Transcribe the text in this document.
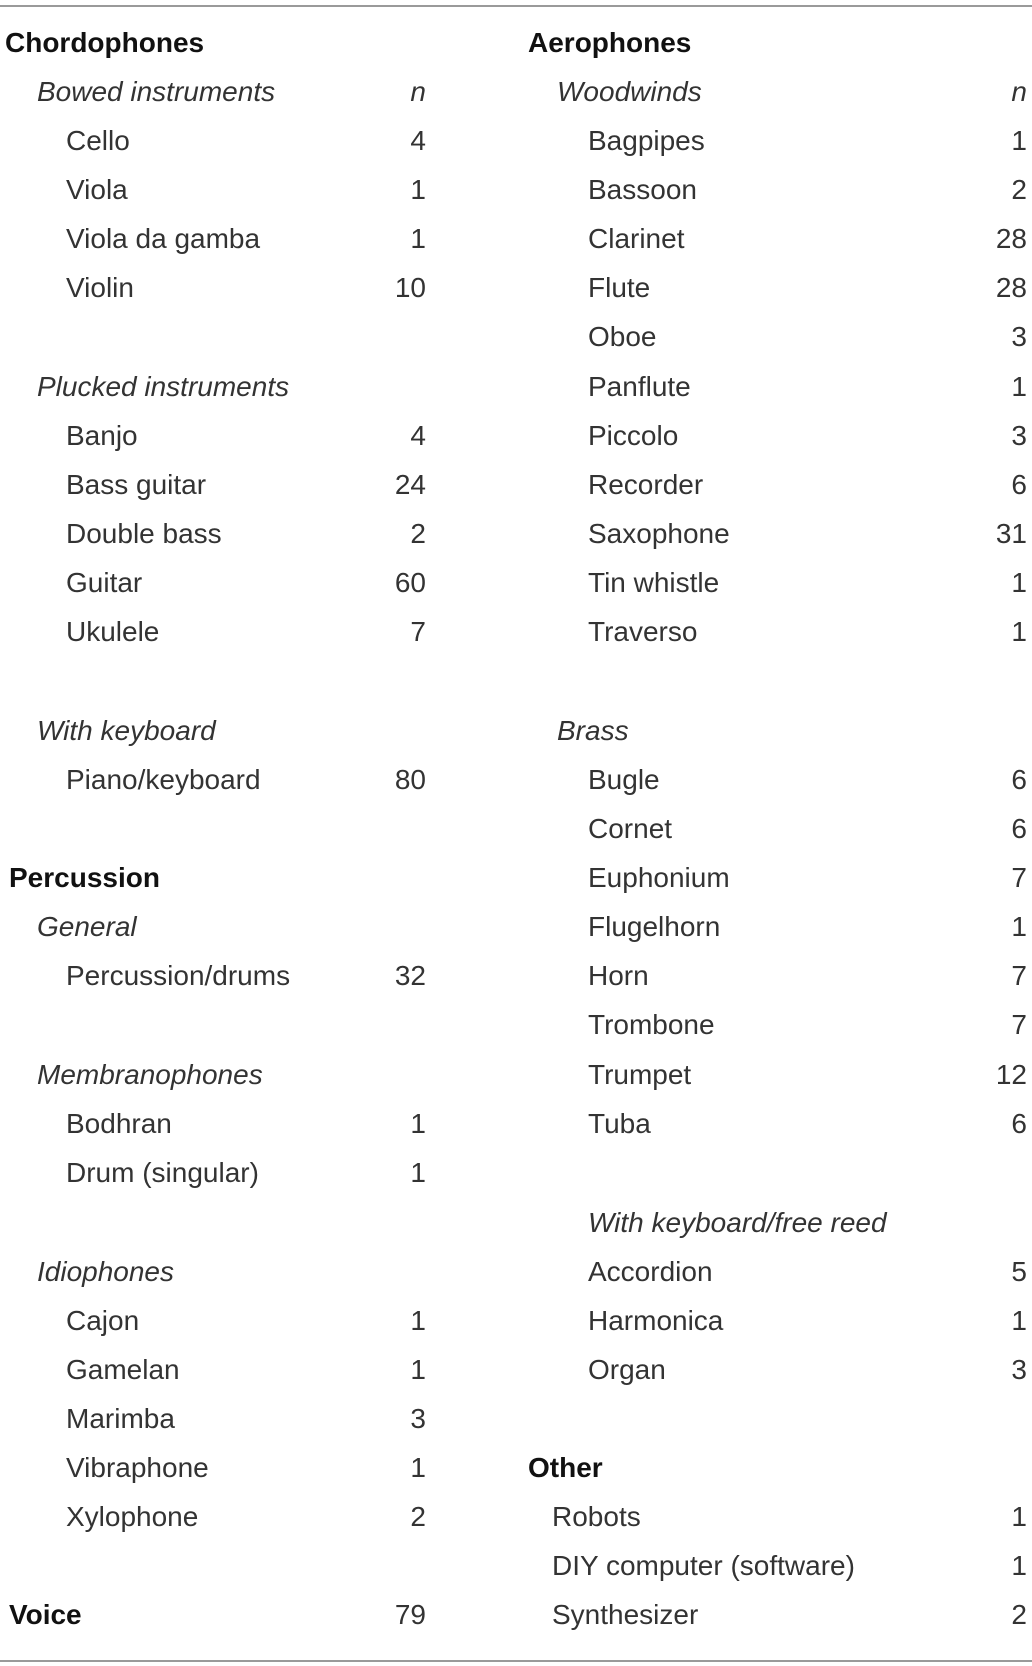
Chordophones
Bowed instruments	n
Cello	4
Viola	1
Viola da gamba	1
Violin	10
Plucked instruments
Banjo	4
Bass guitar	24
Double bass	2
Guitar	60
Ukulele	7
With keyboard
Piano/keyboard	80
Percussion
General
Percussion/drums	32
Membranophones
Bodhran	1
Drum (singular)	1
Idiophones
Cajon	1
Gamelan	1
Marimba	3
Vibraphone	1
Xylophone	2
Voice	79
Aerophones
Woodwinds	n
Bagpipes	1
Bassoon	2
Clarinet	28
Flute	28
Oboe	3
Panflute	1
Piccolo	3
Recorder	6
Saxophone	31
Tin whistle	1
Traverso	1
Brass
Bugle	6
Cornet	6
Euphonium	7
Flugelhorn	1
Horn	7
Trombone	7
Trumpet	12
Tuba	6
With keyboard/free reed
Accordion	5
Harmonica	1
Organ	3
Other
Robots	1
DIY computer (software)	1
Synthesizer	2
